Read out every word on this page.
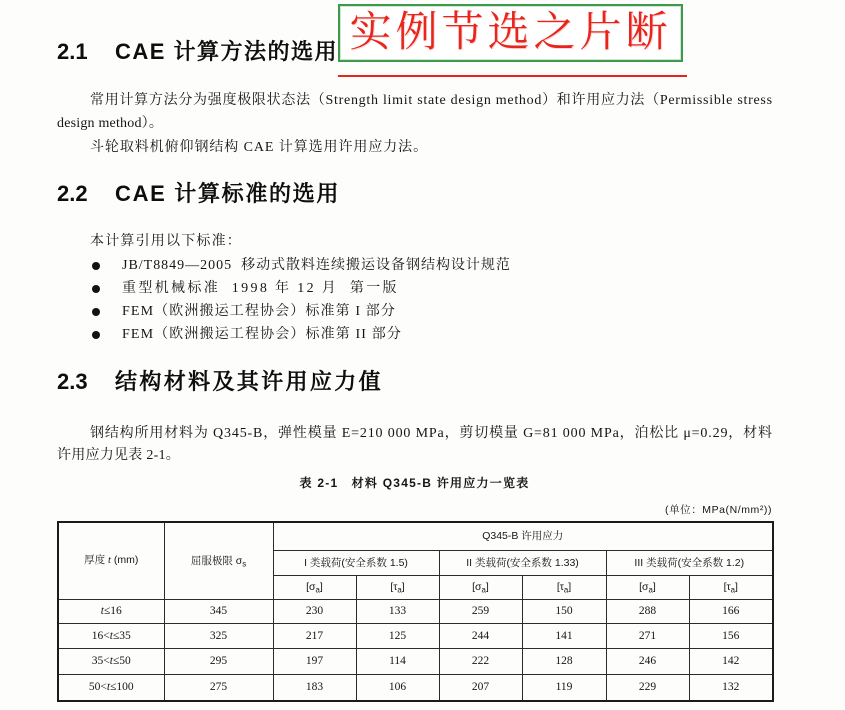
实例节选之片断

2.1

CAE 计算方法的选用

常用计算方法分为强度极限状态法（Strength limit state design method）和许用应力法（Permissible stress
design method）。
斗轮取料机俯仰钢结构 CAE 计算选用许用应力法。

2.2

CAE 计算标准的选用

本计算引用以下标准：
JB/T8849—2005  移动式散料连续搬运设备钢结构设计规范
重型机械标准  1998 年 12 月  第一版
FEM（欧洲搬运工程协会）标准第 I 部分
FEM（欧洲搬运工程协会）标准第 II 部分

2.3

结构材料及其许用应力值

钢结构所用材料为 Q345-B，弹性模量 E=210 000 MPa，剪切模量 G=81 000 MPa，泊松比 μ=0.29，材料
许用应力见表 2-1。
表 2-1　材料 Q345-B 许用应力一览表
(单位：MPa(N/mm²))
厚度 t (mm)	屈服极限 $\sigma_s$	Q345-B 许用应力					
		I 类载荷(安全系数 1.5)		II 类载荷(安全系数 1.33)		III 类载荷(安全系数 1.2)	
		$[\sigma_a]$	$[\tau_a]$	$[\sigma_a]$	$[\tau_a]$	$[\sigma_a]$	$[\tau_a]$
t≤16	345	230	133	259	150	288	166
16<t≤35	325	217	125	244	141	271	156
35<t≤50	295	197	114	222	128	246	142
50<t≤100	275	183	106	207	119	229	132
